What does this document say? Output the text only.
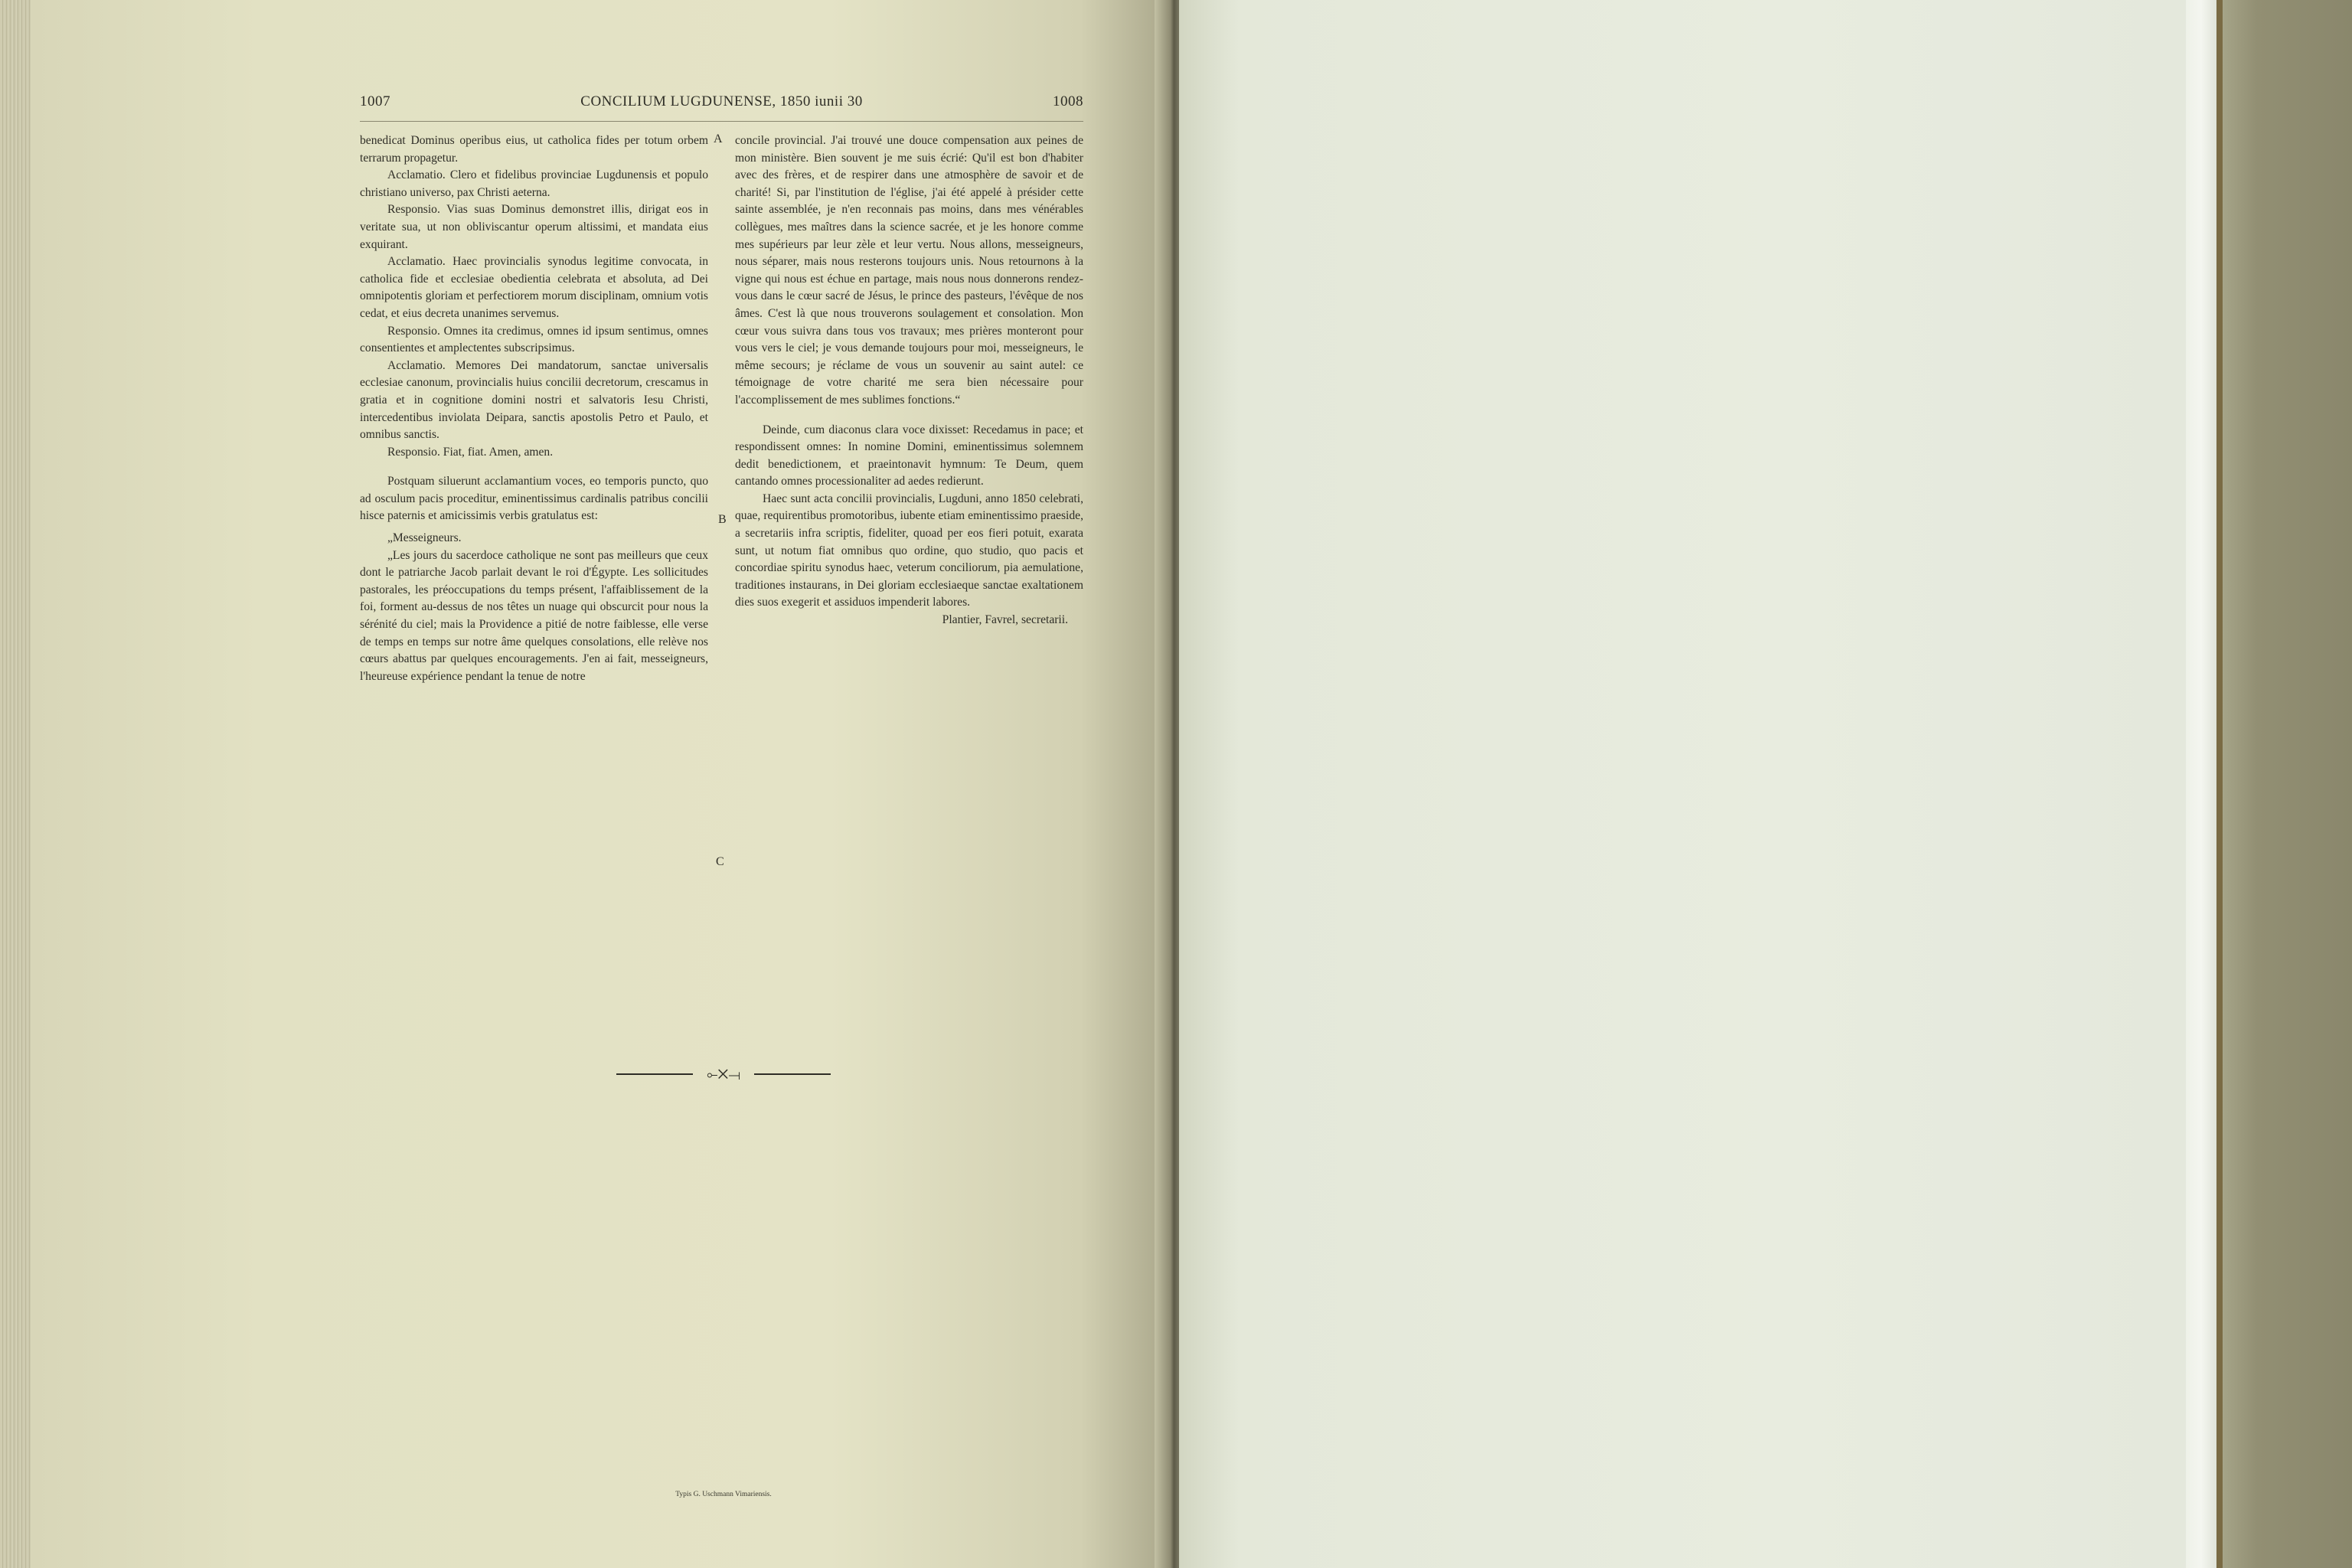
1007	CONCILIUM LUGDUNENSE, 1850 iunii 30	1008

benedicat Dominus operibus eius, ut catholica fides per totum orbem terrarum propagetur.

Acclamatio. Clero et fidelibus provinciae Lugdunensis et populo christiano universo, pax Christi aeterna.

Responsio. Vias suas Dominus demonstret illis, dirigat eos in veritate sua, ut non obliviscantur operum altissimi, et mandata eius exquirant.

Acclamatio. Haec provincialis synodus legitime convocata, in catholica fide et ecclesiae obedientia celebrata et absoluta, ad Dei omnipotentis gloriam et perfectiorem morum disciplinam, omnium votis cedat, et eius decreta unanimes servemus.

Responsio. Omnes ita credimus, omnes id ipsum sentimus, omnes consentientes et amplectentes subscripsimus.

Acclamatio. Memores Dei mandatorum, sanctae universalis ecclesiae canonum, provincialis huius concilii decretorum, crescamus in gratia et in cognitione domini nostri et salvatoris Iesu Christi, intercedentibus inviolata Deipara, sanctis apostolis Petro et Paulo, et omnibus sanctis.

Responsio. Fiat, fiat. Amen, amen.

Postquam siluerunt acclamantium voces, eo temporis puncto, quo ad osculum pacis proceditur, eminentissimus cardinalis patribus concilii hisce paternis et amicissimis verbis gratulatus est:

„Messeigneurs.

„Les jours du sacerdoce catholique ne sont pas meilleurs que ceux dont le patriarche Jacob parlait devant le roi d'Égypte. Les sollicitudes pastorales, les préoccupations du temps présent, l'affaiblissement de la foi, forment au-dessus de nos têtes un nuage qui obscurcit pour nous la sérénité du ciel; mais la Providence a pitié de notre faiblesse, elle verse de temps en temps sur notre âme quelques consolations, elle relève nos cœurs abattus par quelques encouragements. J'en ai fait, messeigneurs, l'heureuse expérience pendant la tenue de notre

A
B
C

concile provincial. J'ai trouvé une douce compensation aux peines de mon ministère. Bien souvent je me suis écrié: Qu'il est bon d'habiter avec des frères, et de respirer dans une atmosphère de savoir et de charité! Si, par l'institution de l'église, j'ai été appelé à présider cette sainte assemblée, je n'en reconnais pas moins, dans mes vénérables collègues, mes maîtres dans la science sacrée, et je les honore comme mes supérieurs par leur zèle et leur vertu. Nous allons, messeigneurs, nous séparer, mais nous resterons toujours unis. Nous retournons à la vigne qui nous est échue en partage, mais nous nous donnerons rendez-vous dans le cœur sacré de Jésus, le prince des pasteurs, l'évêque de nos âmes. C'est là que nous trouverons soulagement et consolation. Mon cœur vous suivra dans tous vos travaux; mes prières monteront pour vous vers le ciel; je vous demande toujours pour moi, messeigneurs, le même secours; je réclame de vous un souvenir au saint autel: ce témoignage de votre charité me sera bien nécessaire pour l'accomplissement de mes sublimes fonctions.“

Deinde, cum diaconus clara voce dixisset: Recedamus in pace; et respondissent omnes: In nomine Domini, eminentissimus solemnem dedit benedictionem, et praeintonavit hymnum: Te Deum, quem cantando omnes processionaliter ad aedes redierunt.

Haec sunt acta concilii provincialis, Lugduni, anno 1850 celebrati, quae, requirentibus promotoribus, iubente etiam eminentissimo praeside, a secretariis infra scriptis, fideliter, quoad per eos fieri potuit, exarata sunt, ut notum fiat omnibus quo ordine, quo studio, quo pacis et concordiae spiritu synodus haec, veterum conciliorum, pia aemulatione, traditiones instaurans, in Dei gloriam ecclesiaeque sanctae exaltationem dies suos exegerit et assiduos impenderit labores.

Plantier, Favrel, secretarii.

⟜✕⟞
Typis G. Uschmann Vimariensis.
